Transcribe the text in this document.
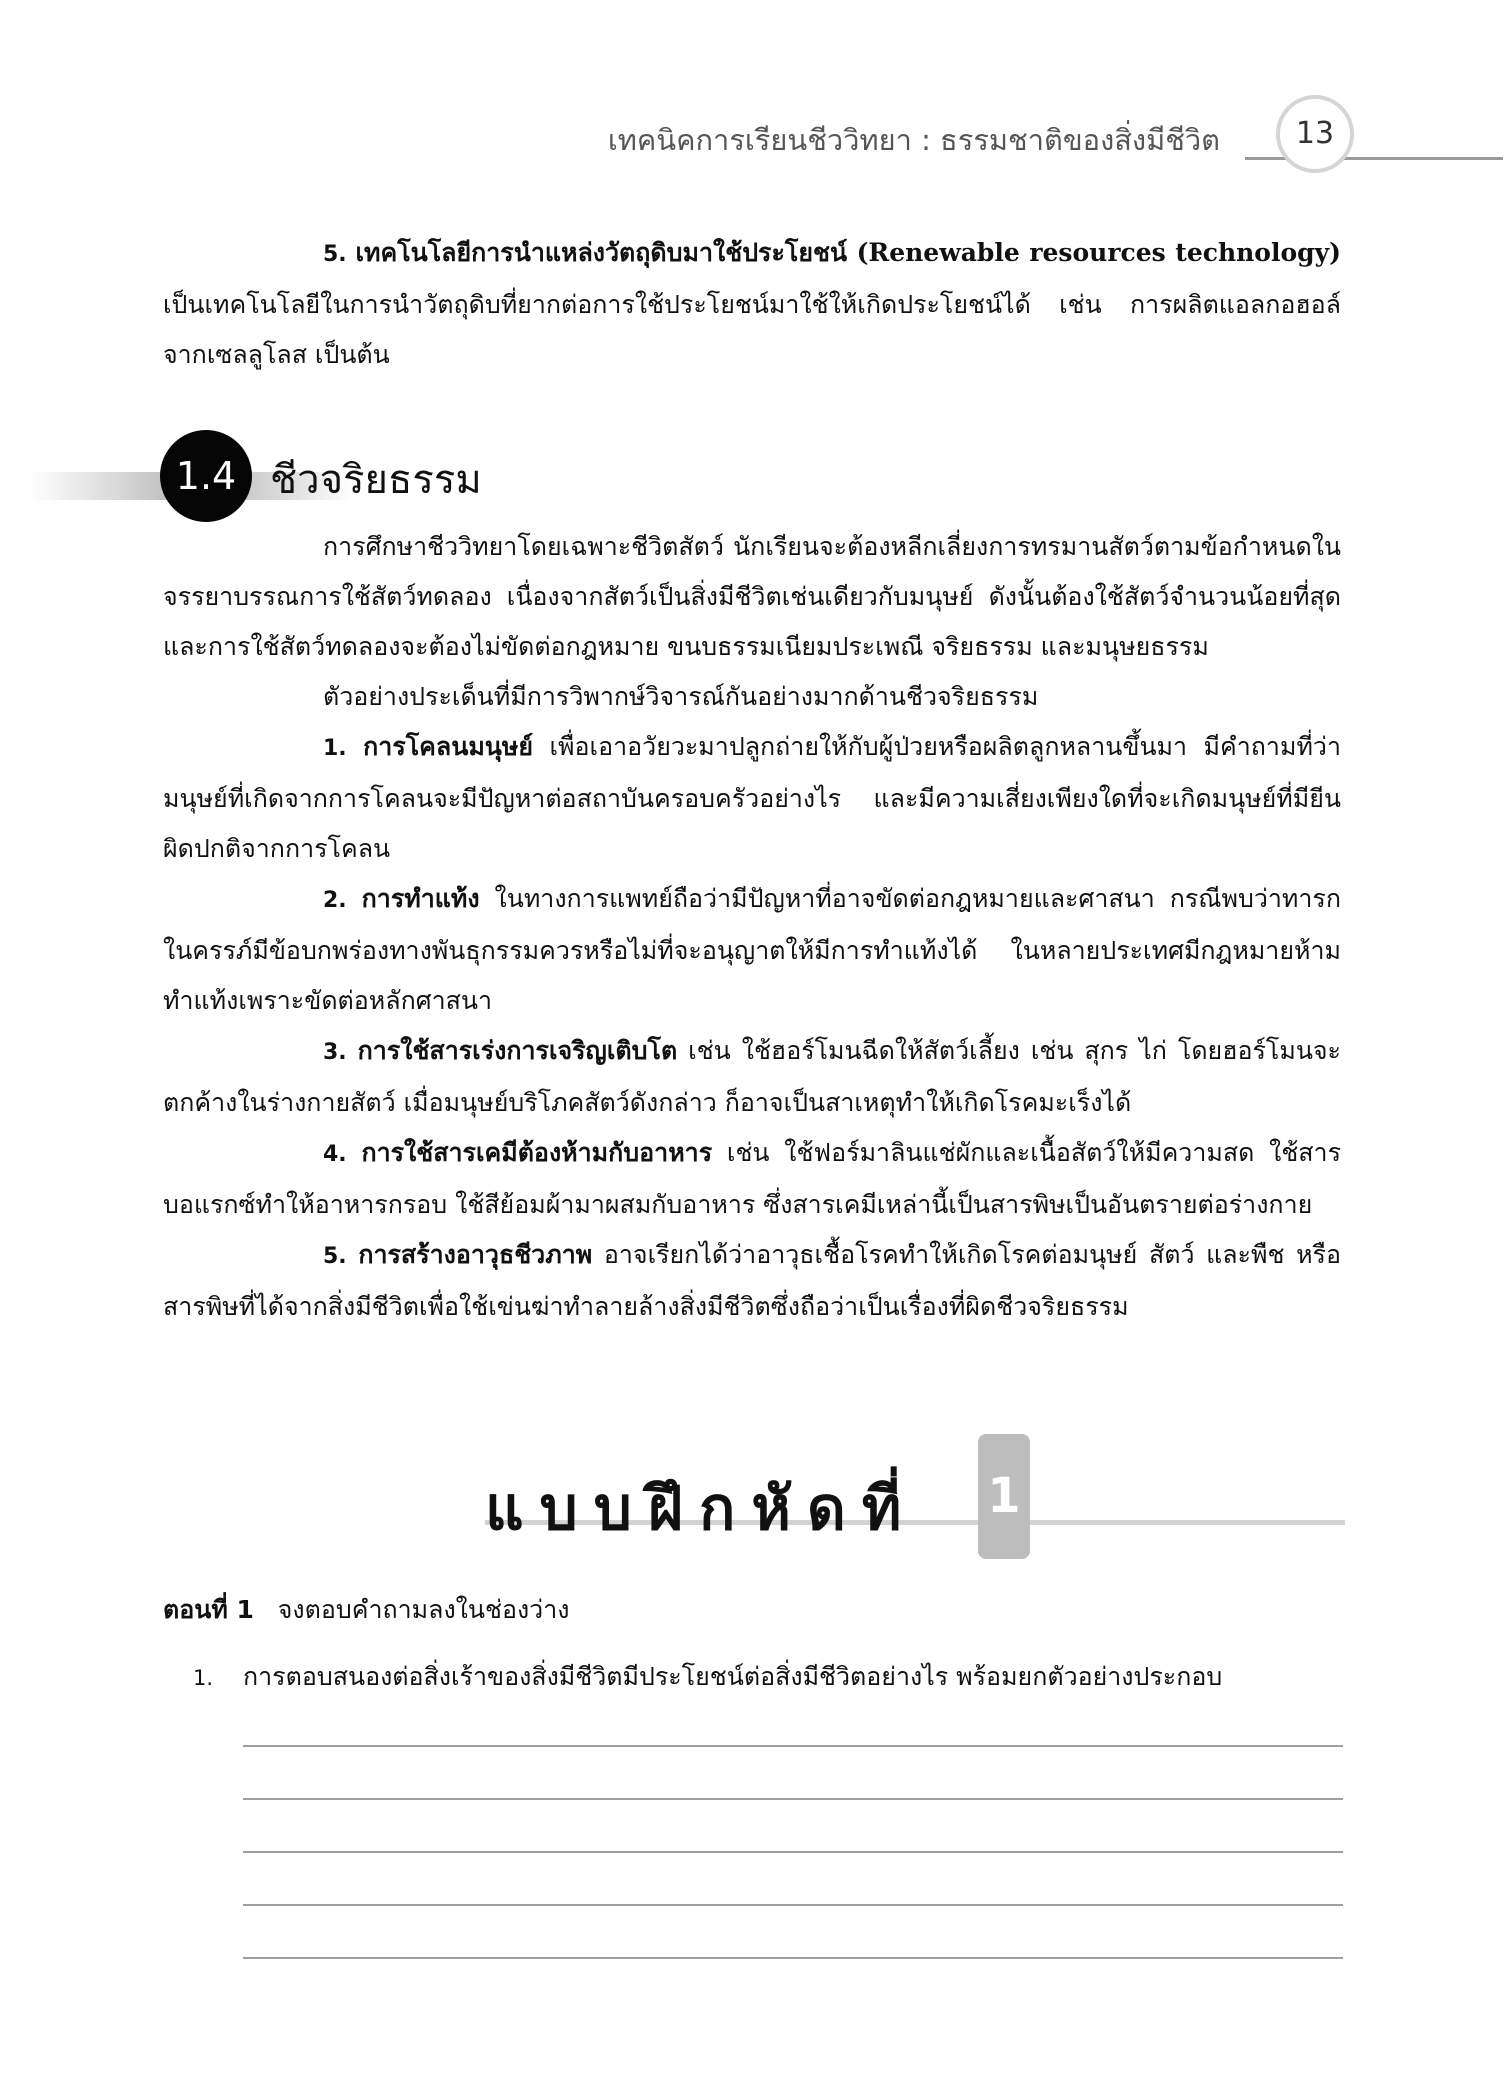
เทคนิคการเรียนชีววิทยา : ธรรมชาติของสิ่งมีชีวิต	13

5. เทคโนโลยีการนำแหล่งวัตถุดิบมาใช้ประโยชน์ (Renewable resources technology) เป็นเทคโนโลยีในการนำวัตถุดิบที่ยากต่อการใช้ประโยชน์มาใช้ให้เกิดประโยชน์ได้ เช่น การผลิตแอลกอฮอล์จากเซลลูโลส เป็นต้น

1.4 ชีวจริยธรรม

การศึกษาชีววิทยาโดยเฉพาะชีวิตสัตว์ นักเรียนจะต้องหลีกเลี่ยงการทรมานสัตว์ตามข้อกำหนดในจรรยาบรรณการใช้สัตว์ทดลอง เนื่องจากสัตว์เป็นสิ่งมีชีวิตเช่นเดียวกับมนุษย์ ดังนั้นต้องใช้สัตว์จำนวนน้อยที่สุด และการใช้สัตว์ทดลองจะต้องไม่ขัดต่อกฎหมาย ขนบธรรมเนียมประเพณี จริยธรรม และมนุษยธรรม

ตัวอย่างประเด็นที่มีการวิพากษ์วิจารณ์กันอย่างมากด้านชีวจริยธรรม

1. การโคลนมนุษย์ เพื่อเอาอวัยวะมาปลูกถ่ายให้กับผู้ป่วยหรือผลิตลูกหลานขึ้นมา มีคำถามที่ว่ามนุษย์ที่เกิดจากการโคลนจะมีปัญหาต่อสถาบันครอบครัวอย่างไร และมีความเสี่ยงเพียงใดที่จะเกิดมนุษย์ที่มียีนผิดปกติจากการโคลน

2. การทำแท้ง ในทางการแพทย์ถือว่ามีปัญหาที่อาจขัดต่อกฎหมายและศาสนา กรณีพบว่าทารกในครรภ์มีข้อบกพร่องทางพันธุกรรมควรหรือไม่ที่จะอนุญาตให้มีการทำแท้งได้ ในหลายประเทศมีกฎหมายห้ามทำแท้งเพราะขัดต่อหลักศาสนา

3. การใช้สารเร่งการเจริญเติบโต เช่น ใช้ฮอร์โมนฉีดให้สัตว์เลี้ยง เช่น สุกร ไก่ โดยฮอร์โมนจะตกค้างในร่างกายสัตว์ เมื่อมนุษย์บริโภคสัตว์ดังกล่าว ก็อาจเป็นสาเหตุทำให้เกิดโรคมะเร็งได้

4. การใช้สารเคมีต้องห้ามกับอาหาร เช่น ใช้ฟอร์มาลินแช่ผักและเนื้อสัตว์ให้มีความสด ใช้สารบอแรกซ์ทำให้อาหารกรอบ ใช้สีย้อมผ้ามาผสมกับอาหาร ซึ่งสารเคมีเหล่านี้เป็นสารพิษเป็นอันตรายต่อร่างกาย

5. การสร้างอาวุธชีวภาพ อาจเรียกได้ว่าอาวุธเชื้อโรคทำให้เกิดโรคต่อมนุษย์ สัตว์ และพืช หรือสารพิษที่ได้จากสิ่งมีชีวิตเพื่อใช้เข่นฆ่าทำลายล้างสิ่งมีชีวิตซึ่งถือว่าเป็นเรื่องที่ผิดชีวจริยธรรม

แบบฝึกหัดที่ 1
ตอนที่ 1 จงตอบคำถามลงในช่องว่าง
1. การตอบสนองต่อสิ่งเร้าของสิ่งมีชีวิตมีประโยชน์ต่อสิ่งมีชีวิตอย่างไร พร้อมยกตัวอย่างประกอบ
